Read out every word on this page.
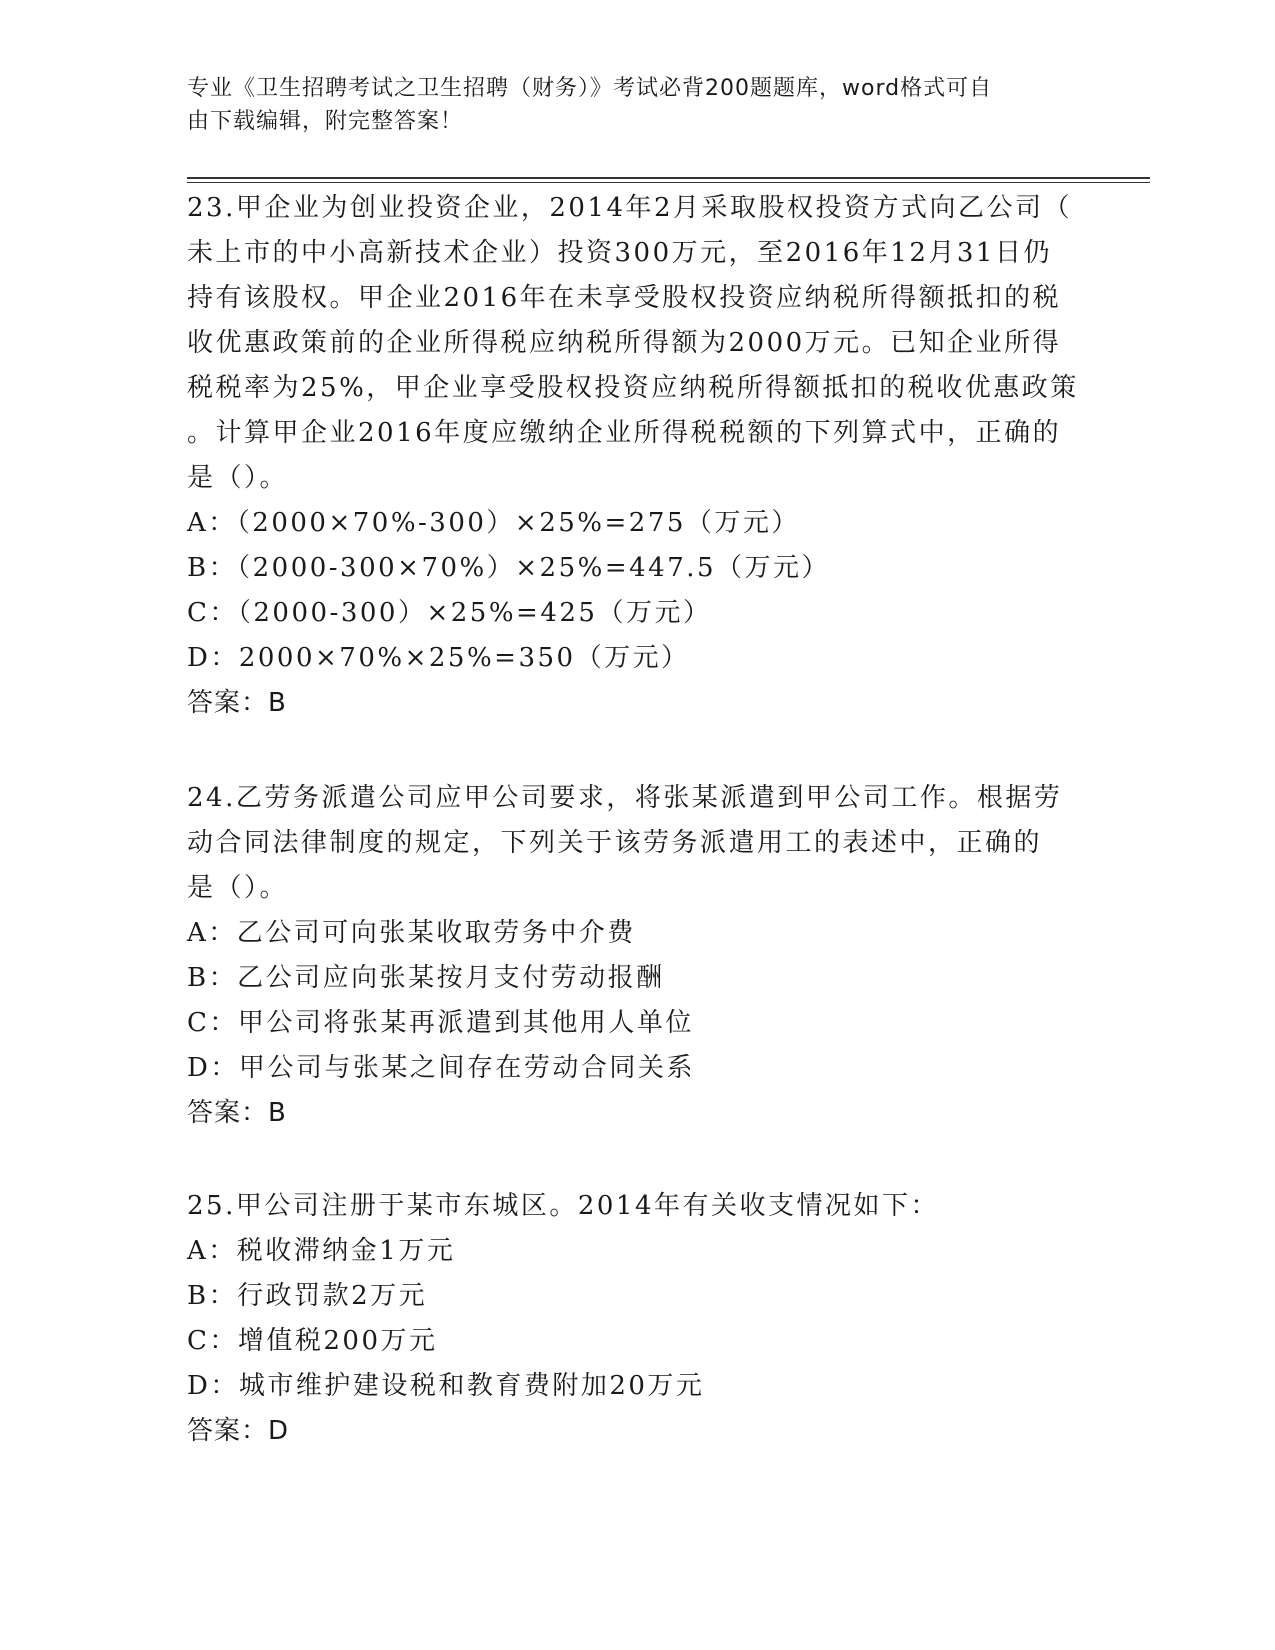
专业《卫生招聘考试之卫生招聘（财务）》考试必背200题题库，word格式可自
由下载编辑，附完整答案！

23.甲企业为创业投资企业，2014年2月采取股权投资方式向乙公司（

未上市的中小高新技术企业）投资300万元，至2016年12月31日仍

持有该股权。甲企业2016年在未享受股权投资应纳税所得额抵扣的税

收优惠政策前的企业所得税应纳税所得额为2000万元。已知企业所得

税税率为25%，甲企业享受股权投资应纳税所得额抵扣的税收优惠政策

。计算甲企业2016年度应缴纳企业所得税税额的下列算式中，正确的

是（）。

A：（2000×70%-300）×25%=275（万元）

B：（2000-300×70%）×25%=447.5（万元）

C：（2000-300）×25%=425（万元）

D：2000×70%×25%=350（万元）

答案：B

24.乙劳务派遣公司应甲公司要求，将张某派遣到甲公司工作。根据劳

动合同法律制度的规定，下列关于该劳务派遣用工的表述中，正确的

是（）。

A：乙公司可向张某收取劳务中介费

B：乙公司应向张某按月支付劳动报酬

C：甲公司将张某再派遣到其他用人单位

D：甲公司与张某之间存在劳动合同关系

答案：B

25.甲公司注册于某市东城区。2014年有关收支情况如下：

A：税收滞纳金1万元

B：行政罚款2万元

C：增值税200万元

D：城市维护建设税和教育费附加20万元

答案：D
